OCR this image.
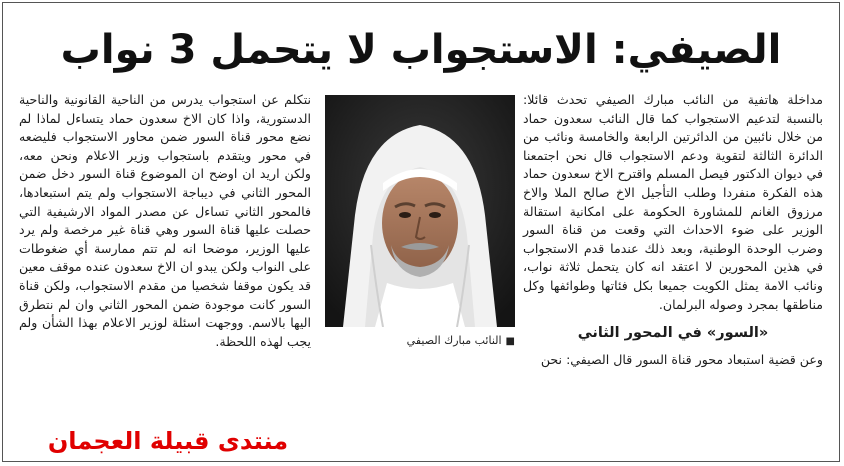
الصيفي: الاستجواب لا يتحمل 3 نواب

مداخلة هاتفية من النائب مبارك الصيفي تحدث قائلا: بالنسبة لتدعيم الاستجواب كما قال النائب سعدون حماد من خلال نائبين من الدائرتين الرابعة والخامسة ونائب من الدائرة الثالثة لتقوية ودعم الاستجواب قال نحن اجتمعنا في ديوان الدكتور فيصل المسلم واقترح الاخ سعدون حماد هذه الفكرة منفردا وطلب التأجيل الاخ صالح الملا والاخ مرزوق الغانم للمشاورة الحكومة على امكانية استقالة الوزير على ضوء الاحداث التي وقعت من قناة السور وضرب الوحدة الوطنية، وبعد ذلك عندما قدم الاستجواب في هذين المحورين لا اعتقد انه كان يتحمل ثلاثة نواب، ونائب الامة يمثل الكويت جميعا بكل فئاتها وطوائفها وكل مناطقها بمجرد وصوله البرلمان.

«السور» في المحور الثاني

وعن قضية استبعاد محور قناة السور قال الصيفي: نحن

■النائب مبارك الصيفي

نتكلم عن استجواب يدرس من الناحية القانونية والناحية الدستورية، واذا كان الاخ سعدون حماد يتساءل لماذا لم نضع محور قناة السور ضمن محاور الاستجواب فليضعه في محور ويتقدم باستجواب وزير الاعلام ونحن معه، ولكن اريد ان اوضح ان الموضوع قناة السور دخل ضمن المحور الثاني في ديباجة الاستجواب ولم يتم استبعادها، فالمحور الثاني تساءل عن مصدر المواد الارشيفية التي حصلت عليها قناة السور وهي قناة غير مرخصة ولم يرد عليها الوزير، موضحا انه لم تتم ممارسة أي ضغوطات على النواب ولكن يبدو ان الاخ سعدون عنده موقف معين قد يكون موقفا شخصيا من مقدم الاستجواب، ولكن قناة السور كانت موجودة ضمن المحور الثاني وان لم نتطرق اليها بالاسم. ووجهت اسئلة لوزير الاعلام بهذا الشأن ولم يجب لهذه اللحظة.

منتدى قبيلة العجمان
